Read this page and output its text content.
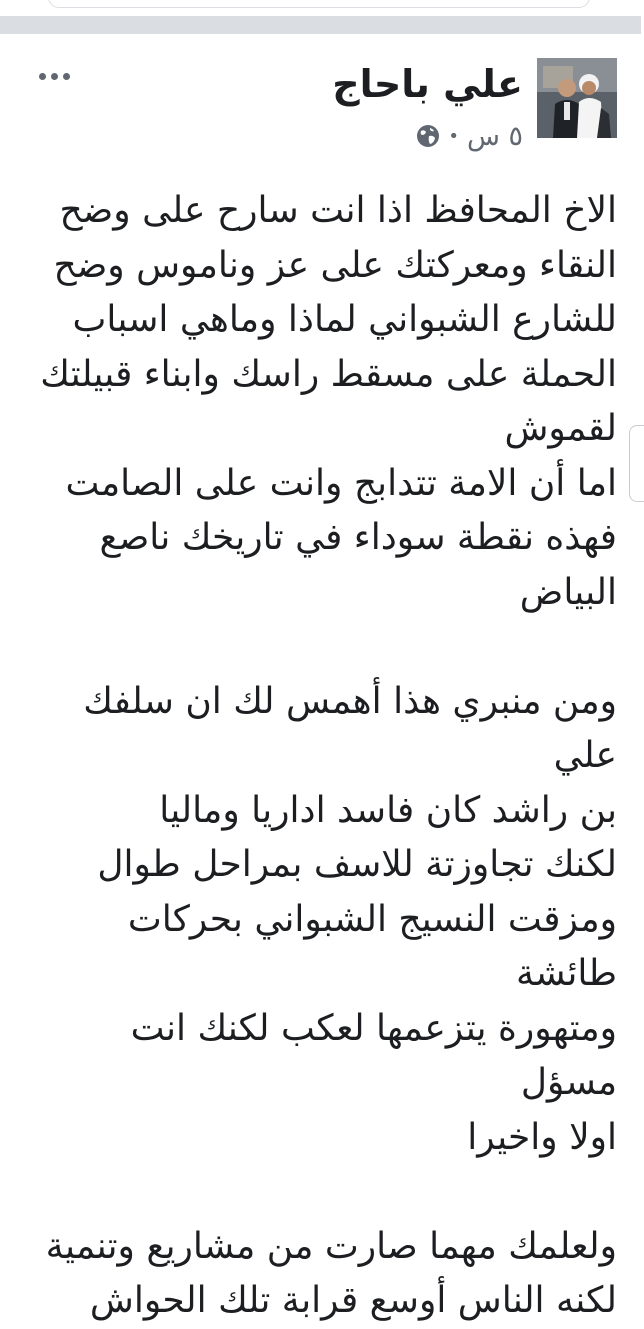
علي باحاج
٥ س
•
الاخ المحافظ اذا انت سارح على وضح
النقاء ومعركتك على عز وناموس وضح
للشارع الشبواني لماذا وماهي اسباب
الحملة على مسقط راسك وابناء قبيلتك
لقموش
اما أن الامة تتدابج وانت على الصامت
فهذه نقطة سوداء في تاريخك ناصع
البياض

ومن منبري هذا أهمس لك ان سلفك علي
بن راشد كان فاسد اداريا وماليا
لكنك تجاوزتة للاسف بمراحل طوال
ومزقت النسيج الشبواني بحركات طائشة
ومتهورة يتزعمها لعكب لكنك انت مسؤل
اولا واخيرا

ولعلمك مهما صارت من مشاريع وتنمية
لكنه الناس أوسع قرابة تلك الحواش
